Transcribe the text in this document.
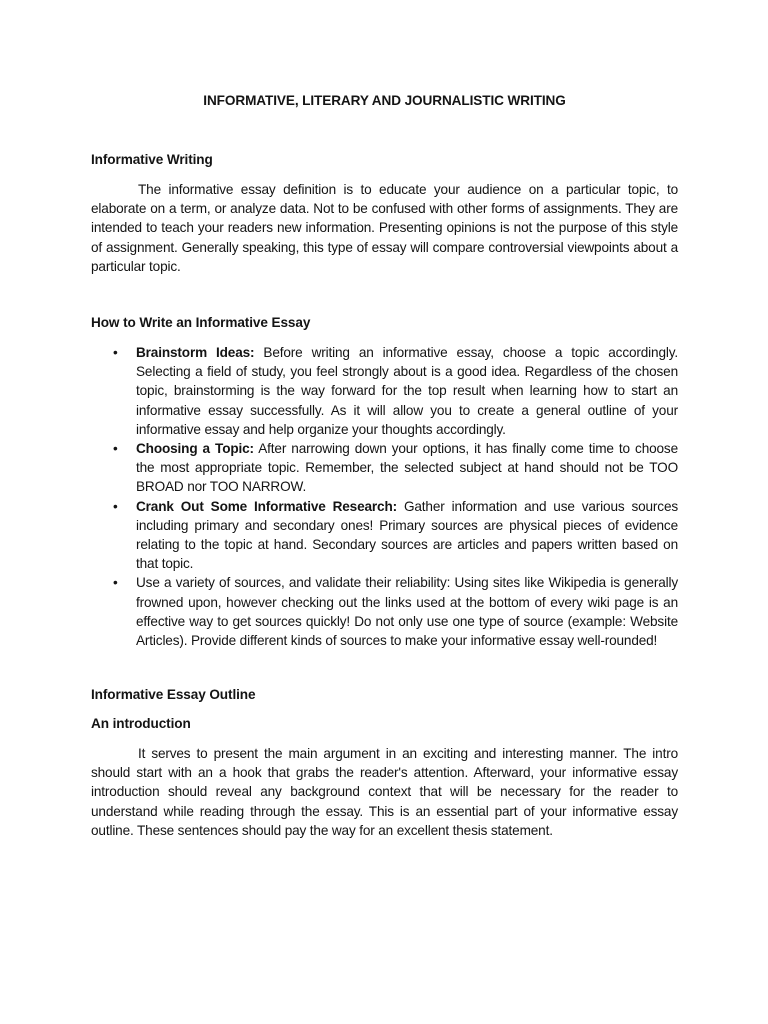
INFORMATIVE, LITERARY AND JOURNALISTIC WRITING
Informative Writing

The informative essay definition is to educate your audience on a particular topic, to elaborate on a term, or analyze data. Not to be confused with other forms of assignments. They are intended to teach your readers new information. Presenting opinions is not the purpose of this style of assignment. Generally speaking, this type of essay will compare controversial viewpoints about a particular topic.

How to Write an Informative Essay
• Brainstorm Ideas: Before writing an informative essay, choose a topic accordingly. Selecting a field of study, you feel strongly about is a good idea. Regardless of the chosen topic, brainstorming is the way forward for the top result when learning how to start an informative essay successfully. As it will allow you to create a general outline of your informative essay and help organize your thoughts accordingly.
• Choosing a Topic: After narrowing down your options, it has finally come time to choose the most appropriate topic. Remember, the selected subject at hand should not be TOO BROAD nor TOO NARROW.
• Crank Out Some Informative Research: Gather information and use various sources including primary and secondary ones! Primary sources are physical pieces of evidence relating to the topic at hand. Secondary sources are articles and papers written based on that topic.
• Use a variety of sources, and validate their reliability: Using sites like Wikipedia is generally frowned upon, however checking out the links used at the bottom of every wiki page is an effective way to get sources quickly! Do not only use one type of source (example: Website Articles). Provide different kinds of sources to make your informative essay well-rounded!
Informative Essay Outline
An introduction

It serves to present the main argument in an exciting and interesting manner. The intro should start with an a hook that grabs the reader's attention. Afterward, your informative essay introduction should reveal any background context that will be necessary for the reader to understand while reading through the essay. This is an essential part of your informative essay outline. These sentences should pay the way for an excellent thesis statement.
